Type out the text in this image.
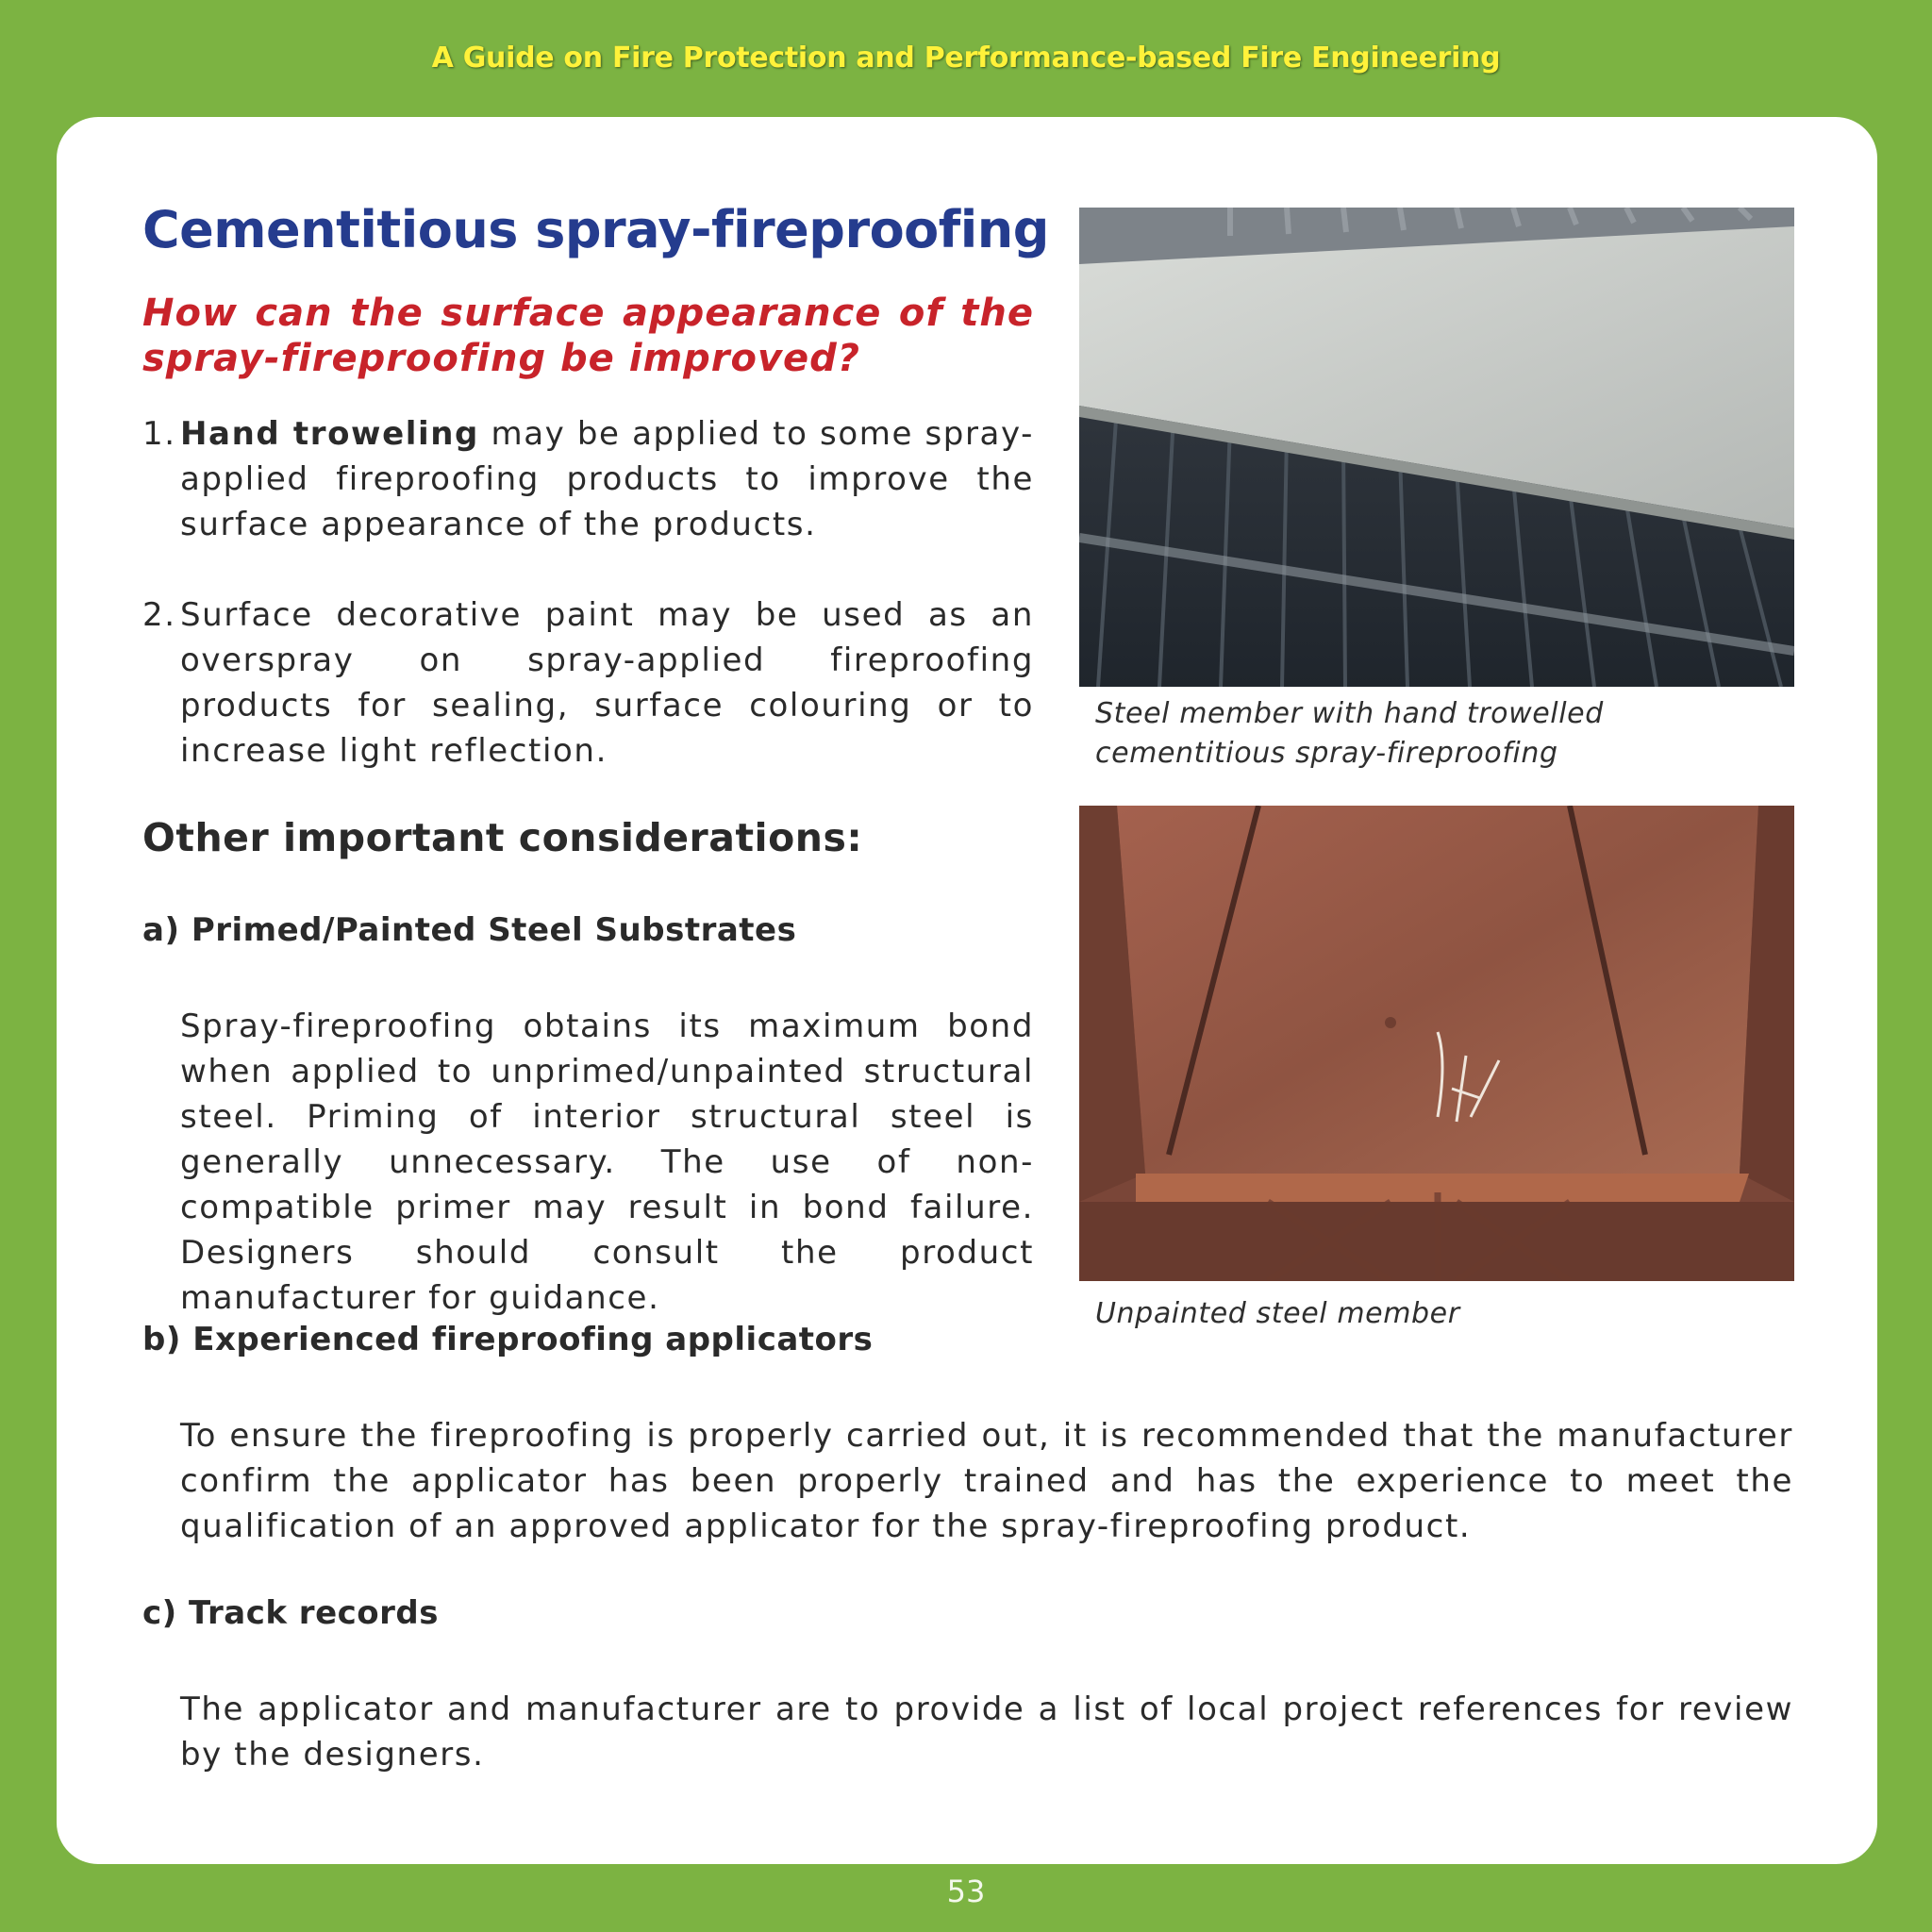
A Guide on Fire Protection and Performance-based Fire Engineering
Cementitious spray-fireproofing
How can the surface appearance of the
spray-fireproofing be improved?
1. Hand troweling may be applied to some spray-applied fireproofing products to improve the surface appearance of the products.
2. Surface decorative paint may be used as an overspray on spray-applied fireproofing products for sealing, surface colouring or to increase light reflection.
Other important considerations:
a) Primed/Painted Steel Substrates
Spray-fireproofing obtains its maximum bond when applied to unprimed/unpainted structural steel. Priming of interior structural steel is generally unnecessary. The use of non-compatible primer may result in bond failure. Designers should consult the product manufacturer for guidance.
b) Experienced fireproofing applicators
To ensure the fireproofing is properly carried out, it is recommended that the manufacturer confirm the applicator has been properly trained and has the experience to meet the qualification of an approved applicator for the spray-fireproofing product.
c) Track records
The applicator and manufacturer are to provide a list of local project references for review by the designers.
Steel member with hand trowelled cementitious spray-fireproofing
Unpainted steel member
53
